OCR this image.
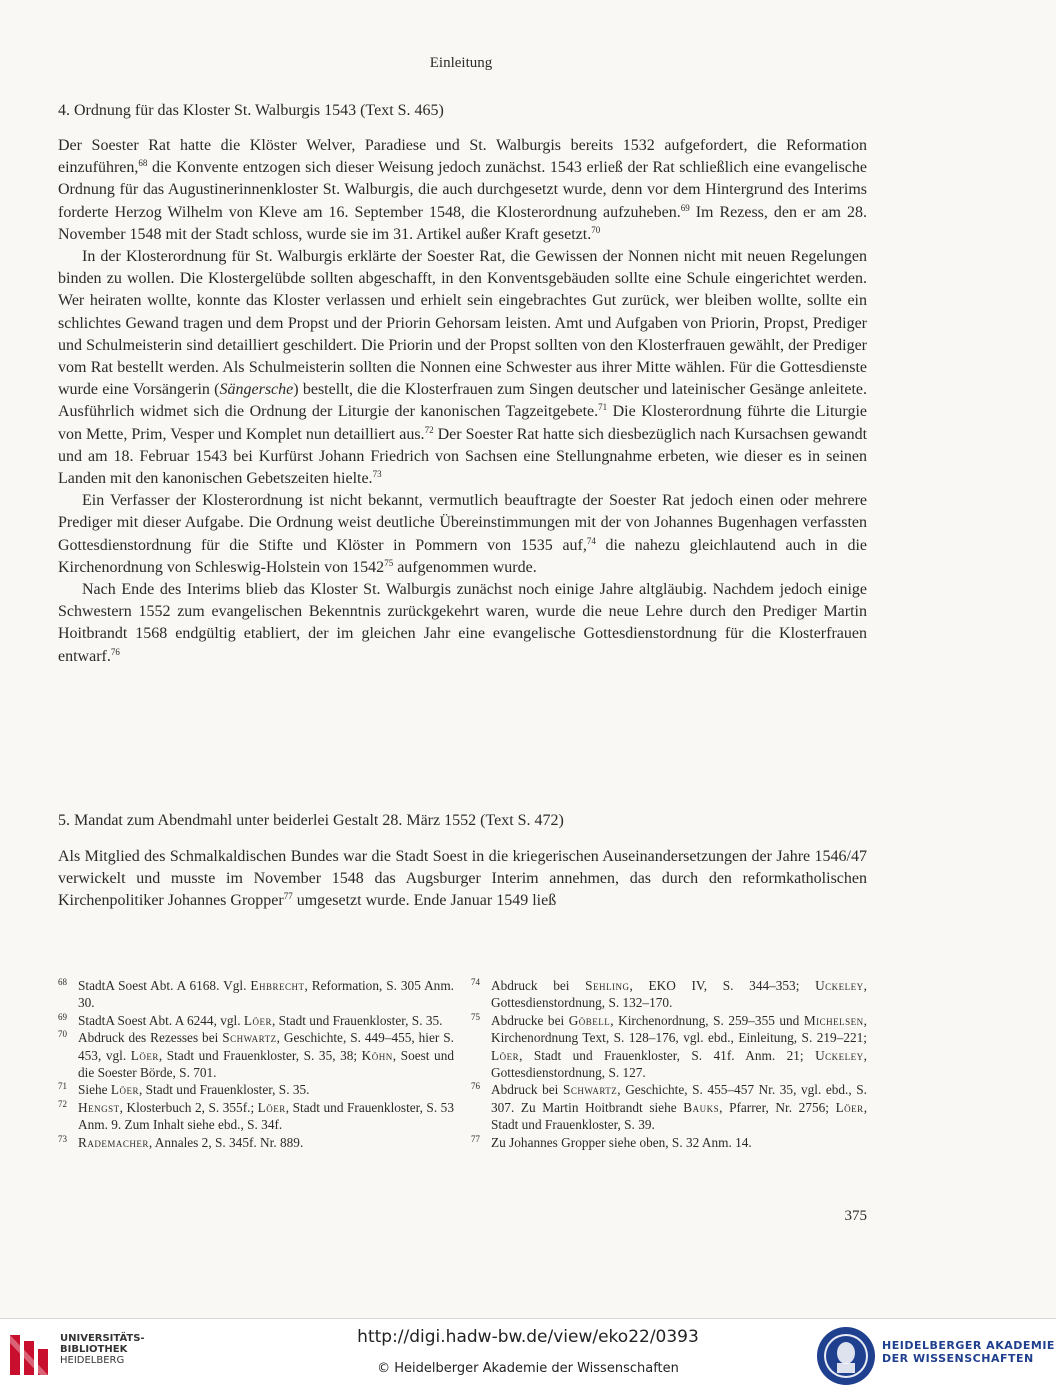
Einleitung
4. Ordnung für das Kloster St. Walburgis 1543 (Text S. 465)

Der Soester Rat hatte die Klöster Welver, Paradiese und St. Walburgis bereits 1532 aufgefordert, die Reformation einzuführen,$^{68}$ die Konvente entzogen sich dieser Weisung jedoch zunächst. 1543 erließ der Rat schließlich eine evangelische Ordnung für das Augustinerinnenkloster St. Walburgis, die auch durchgesetzt wurde, denn vor dem Hintergrund des Interims forderte Herzog Wilhelm von Kleve am 16. September 1548, die Klosterordnung aufzuheben.$^{69}$ Im Rezess, den er am 28. November 1548 mit der Stadt schloss, wurde sie im 31. Artikel außer Kraft gesetzt.$^{70}$

In der Klosterordnung für St. Walburgis erklärte der Soester Rat, die Gewissen der Nonnen nicht mit neuen Regelungen binden zu wollen. Die Klostergelübde sollten abgeschafft, in den Konventsgebäuden sollte eine Schule eingerichtet werden. Wer heiraten wollte, konnte das Kloster verlassen und erhielt sein eingebrachtes Gut zurück, wer bleiben wollte, sollte ein schlichtes Gewand tragen und dem Propst und der Priorin Gehorsam leisten. Amt und Aufgaben von Priorin, Propst, Prediger und Schulmeisterin sind detailliert geschildert. Die Priorin und der Propst sollten von den Klosterfrauen gewählt, der Prediger vom Rat bestellt werden. Als Schulmeisterin sollten die Nonnen eine Schwester aus ihrer Mitte wählen. Für die Gottesdienste wurde eine Vorsängerin (Sängersche) bestellt, die die Klosterfrauen zum Singen deutscher und lateinischer Gesänge anleitete. Ausführlich widmet sich die Ordnung der Liturgie der kanonischen Tagzeitgebete.$^{71}$ Die Klosterordnung führte die Liturgie von Mette, Prim, Vesper und Komplet nun detailliert aus.$^{72}$ Der Soester Rat hatte sich diesbezüglich nach Kursachsen gewandt und am 18. Februar 1543 bei Kurfürst Johann Friedrich von Sachsen eine Stellungnahme erbeten, wie dieser es in seinen Landen mit den kanonischen Gebetszeiten hielte.$^{73}$

Ein Verfasser der Klosterordnung ist nicht bekannt, vermutlich beauftragte der Soester Rat jedoch einen oder mehrere Prediger mit dieser Aufgabe. Die Ordnung weist deutliche Übereinstimmungen mit der von Johannes Bugenhagen verfassten Gottesdienstordnung für die Stifte und Klöster in Pommern von 1535 auf,$^{74}$ die nahezu gleichlautend auch in die Kirchenordnung von Schleswig-Holstein von 1542$^{75}$ aufgenommen wurde.

Nach Ende des Interims blieb das Kloster St. Walburgis zunächst noch einige Jahre altgläubig. Nachdem jedoch einige Schwestern 1552 zum evangelischen Bekenntnis zurückgekehrt waren, wurde die neue Lehre durch den Prediger Martin Hoitbrandt 1568 endgültig etabliert, der im gleichen Jahr eine evangelische Gottesdienstordnung für die Klosterfrauen entwarf.$^{76}$

5. Mandat zum Abendmahl unter beiderlei Gestalt 28. März 1552 (Text S. 472)

Als Mitglied des Schmalkaldischen Bundes war die Stadt Soest in die kriegerischen Auseinandersetzungen der Jahre 1546/47 verwickelt und musste im November 1548 das Augsburger Interim annehmen, das durch den reformkatholischen Kirchenpolitiker Johannes Gropper$^{77}$ umgesetzt wurde. Ende Januar 1549 ließ

68 StadtA Soest Abt. A 6168. Vgl. Ehbrecht, Reformation, S. 305 Anm. 30.
69 StadtA Soest Abt. A 6244, vgl. Löer, Stadt und Frauenkloster, S. 35.
70 Abdruck des Rezesses bei Schwartz, Geschichte, S. 449–455, hier S. 453, vgl. Löer, Stadt und Frauenkloster, S. 35, 38; Köhn, Soest und die Soester Börde, S. 701.
71 Siehe Löer, Stadt und Frauenkloster, S. 35.
72 Hengst, Klosterbuch 2, S. 355f.; Löer, Stadt und Frauenkloster, S. 53 Anm. 9. Zum Inhalt siehe ebd., S. 34f.
73 Rademacher, Annales 2, S. 345f. Nr. 889.
74 Abdruck bei Sehling, EKO IV, S. 344–353; Uckeley, Gottesdienstordnung, S. 132–170.
75 Abdrucke bei Göbell, Kirchenordnung, S. 259–355 und Michelsen, Kirchenordnung Text, S. 128–176, vgl. ebd., Einleitung, S. 219–221; Löer, Stadt und Frauenkloster, S. 41f. Anm. 21; Uckeley, Gottesdienstordnung, S. 127.
76 Abdruck bei Schwartz, Geschichte, S. 455–457 Nr. 35, vgl. ebd., S. 307. Zu Martin Hoitbrandt siehe Bauks, Pfarrer, Nr. 2756; Löer, Stadt und Frauenkloster, S. 39.
77 Zu Johannes Gropper siehe oben, S. 32 Anm. 14.
375
UNIVERSITÄTS-
BIBLIOTHEK
HEIDELBERG
http://digi.hadw-bw.de/view/eko22/0393
© Heidelberger Akademie der Wissenschaften
HEIDELBERGER AKADEMIE
DER WISSENSCHAFTEN
